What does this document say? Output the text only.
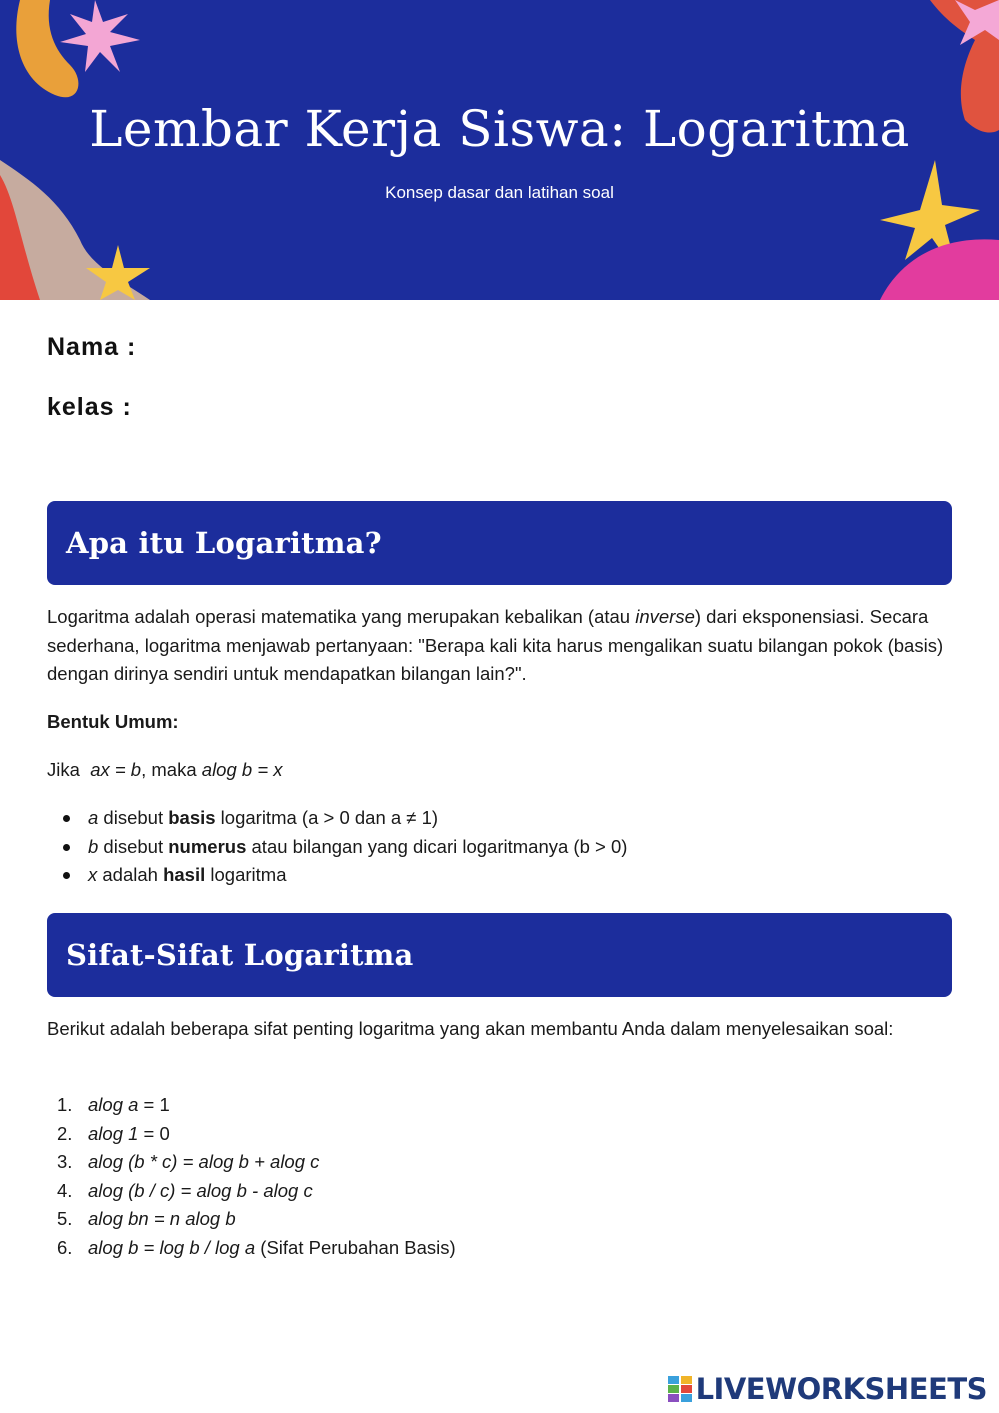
Lembar Kerja Siswa: Logaritma

Konsep dasar dan latihan soal

Nama :

kelas :

Apa itu Logaritma?

Logaritma adalah operasi matematika yang merupakan kebalikan (atau inverse) dari eksponensiasi. Secara sederhana, logaritma menjawab pertanyaan: "Berapa kali kita harus mengalikan suatu bilangan pokok (basis) dengan dirinya sendiri untuk mendapatkan bilangan lain?".

Bentuk Umum:

Jika ax = b, maka alog b = x

a disebut basis logaritma (a > 0 dan a ≠ 1)
b disebut numerus atau bilangan yang dicari logaritmanya (b > 0)
x adalah hasil logaritma
Sifat-Sifat Logaritma

Berikut adalah beberapa sifat penting logaritma yang akan membantu Anda dalam menyelesaikan soal:

1. alog a = 1
2. alog 1 = 0
3. alog (b * c) = alog b + alog c
4. alog (b / c) = alog b - alog c
5. alog bn = n alog b
6. alog b = log b / log a (Sifat Perubahan Basis)
LIVEWORKSHEETS
